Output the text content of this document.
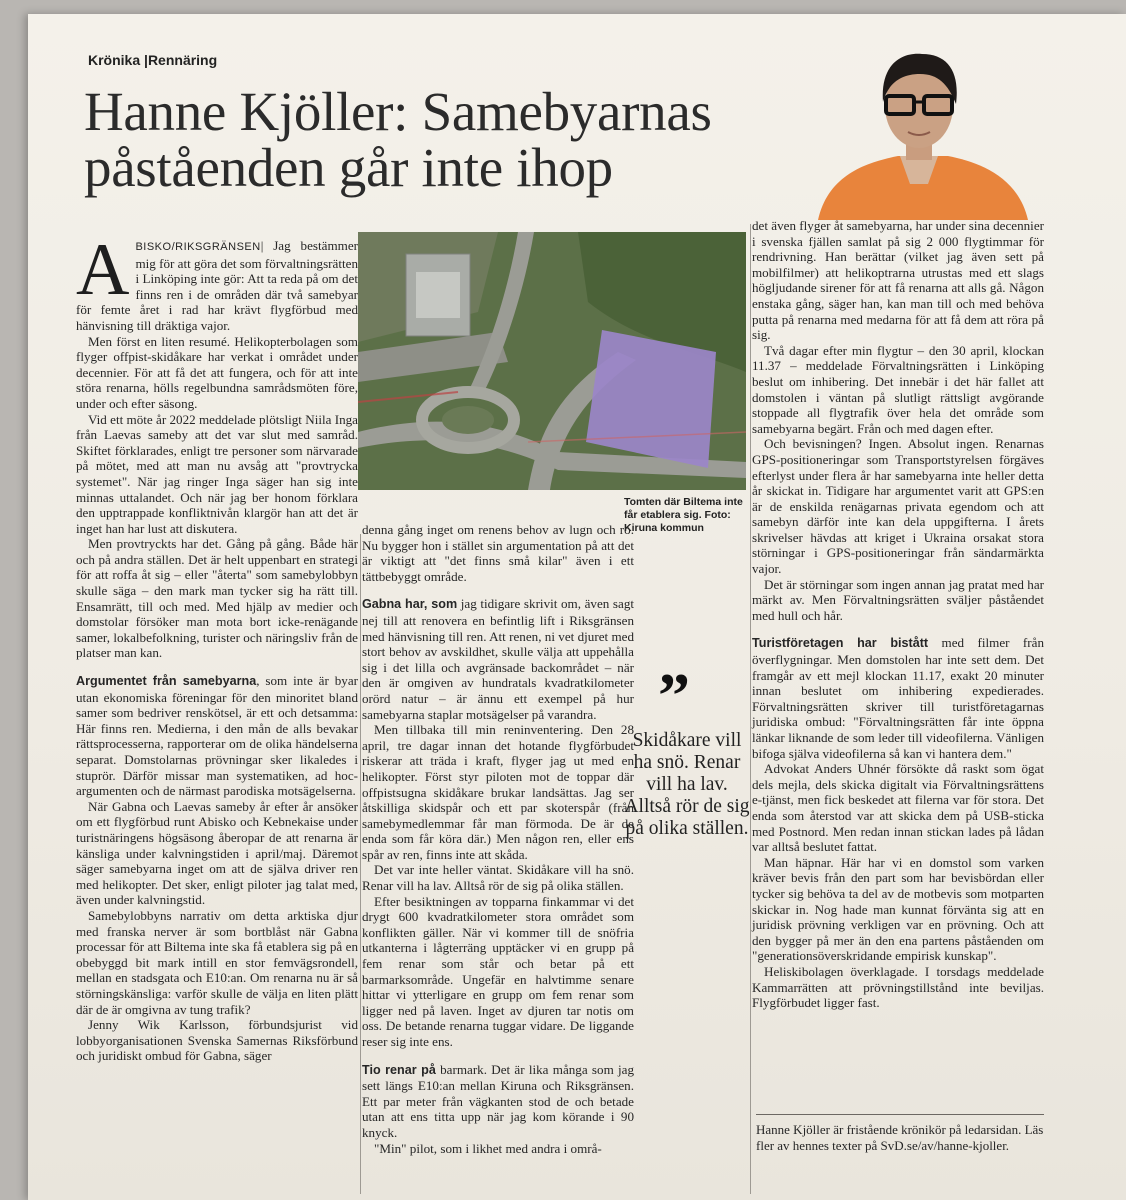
Krönika |Rennäring
Hanne Kjöller: Samebyarnas
påståenden går inte ihop

ABISKO/RIKSGRÄNSEN| Jag bestämmer mig för att göra det som förvaltningsrätten i Linköping inte gör: Att ta reda på om det finns ren i de områden där två samebyar för femte året i rad har krävt flygförbud med hänvisning till dräktiga vajor.

Men först en liten resumé. Helikopterbolagen som flyger offpist-skidåkare har verkat i området under decennier. För att få det att fungera, och för att inte störa renarna, hölls regelbundna samrådsmöten före, under och efter säsong.

Vid ett möte år 2022 meddelade plötsligt Niila Inga från Laevas sameby att det var slut med samråd. Skiftet förklarades, enligt tre personer som närvarade på mötet, med att man nu avsåg att "provtrycka systemet". När jag ringer Inga säger han sig inte minnas uttalandet. Och när jag ber honom förklara den upptrappade konfliktnivån klargör han att det är inget han har lust att diskutera.

Men provtryckts har det. Gång på gång. Både här och på andra ställen. Det är helt uppenbart en strategi för att roffa åt sig – eller "återta" som samebylobbyn skulle säga – den mark man tycker sig ha rätt till. Ensamrätt, till och med. Med hjälp av medier och domstolar försöker man mota bort icke-renägande samer, lokalbefolkning, turister och näringsliv från de platser man kan.

Argumentet från samebyarna, som inte är byar utan ekonomiska föreningar för den minoritet bland samer som bedriver renskötsel, är ett och detsamma: Här finns ren. Medierna, i den mån de alls bevakar rättsprocesserna, rapporterar om de olika händelserna separat. Domstolarnas prövningar sker likaledes i stuprör. Därför missar man systematiken, ad hoc-argumenten och de närmast parodiska motsägelserna.

När Gabna och Laevas sameby år efter år ansöker om ett flygförbud runt Abisko och Kebnekaise under turistnäringens högsäsong åberopar de att renarna är känsliga under kalvningstiden i april/maj. Däremot säger samebyarna inget om att de själva driver ren med helikopter. Det sker, enligt piloter jag talat med, även under kalvningstid.

Samebylobbyns narrativ om detta arktiska djur med franska nerver är som bortblåst när Gabna processar för att Biltema inte ska få etablera sig på en obebyggd bit mark intill en stor femvägsrondell, mellan en stadsgata och E10:an. Om renarna nu är så störningskänsliga: varför skulle de välja en liten plätt där de är omgivna av tung trafik?

Jenny Wik Karlsson, förbundsjurist vid lobbyorganisationen Svenska Samernas Riksförbund och juridiskt ombud för Gabna, säger

Tomten där Biltema inte får etablera sig. Foto: Kiruna kommun

denna gång inget om renens behov av lugn och ro. Nu bygger hon i stället sin argumentation på att det är viktigt att "det finns små kilar" även i ett tättbebyggt område.

Gabna har, som jag tidigare skrivit om, även sagt nej till att renovera en befintlig lift i Riksgränsen med hänvisning till ren. Att renen, ni vet djuret med stort behov av avskildhet, skulle välja att uppehålla sig i det lilla och avgränsade backområdet – när den är omgiven av hundratals kvadratkilometer orörd natur – är ännu ett exempel på hur samebyarna staplar motsägelser på varandra.

Men tillbaka till min reninventering. Den 28 april, tre dagar innan det hotande flygförbudet riskerar att träda i kraft, flyger jag ut med en helikopter. Först styr piloten mot de toppar där offpistsugna skidåkare brukar landsättas. Jag ser åtskilliga skidspår och ett par skoterspår (från samebymedlemmar får man förmoda. De är de enda som får köra där.) Men någon ren, eller ens spår av ren, finns inte att skåda.

Det var inte heller väntat. Skidåkare vill ha snö. Renar vill ha lav. Alltså rör de sig på olika ställen.

Efter besiktningen av topparna finkammar vi det drygt 600 kvadratkilometer stora området som konflikten gäller. När vi kommer till de snöfria utkanterna i lågterräng upptäcker vi en grupp på fem renar som står och betar på ett barmarksområde. Ungefär en halvtimme senare hittar vi ytterligare en grupp om fem renar som ligger ned på laven. Inget av djuren tar notis om oss. De betande renarna tuggar vidare. De liggande reser sig inte ens.

Tio renar på barmark. Det är lika många som jag sett längs E10:an mellan Kiruna och Riksgränsen. Ett par meter från vägkanten stod de och betade utan att ens titta upp när jag kom körande i 90 knyck.

"Min" pilot, som i likhet med andra i områ-

”
Skidåkare vill ha snö. Renar vill ha lav. Alltså rör de sig på olika ställen.

det även flyger åt samebyarna, har under sina decennier i svenska fjällen samlat på sig 2 000 flygtimmar för rendrivning. Han berättar (vilket jag även sett på mobilfilmer) att helikoptrarna utrustas med ett slags högljudande sirener för att få renarna att alls gå. Någon enstaka gång, säger han, kan man till och med behöva putta på renarna med medarna för att få dem att röra på sig.

Två dagar efter min flygtur – den 30 april, klockan 11.37 – meddelade Förvaltningsrätten i Linköping beslut om inhibering. Det innebär i det här fallet att domstolen i väntan på slutligt rättsligt avgörande stoppade all flygtrafik över hela det område som samebyarna begärt. Från och med dagen efter.

Och bevisningen? Ingen. Absolut ingen. Renarnas GPS-positioneringar som Transportstyrelsen förgäves efterlyst under flera år har samebyarna inte heller detta år skickat in. Tidigare har argumentet varit att GPS:en är de enskilda renägarnas privata egendom och att samebyn därför inte kan dela uppgifterna. I årets skrivelser hävdas att kriget i Ukraina orsakat stora störningar i GPS-positioneringar från sändarmärkta vajor.

Det är störningar som ingen annan jag pratat med har märkt av. Men Förvaltningsrätten sväljer påståendet med hull och hår.

Turistföretagen har bistått med filmer från överflygningar. Men domstolen har inte sett dem. Det framgår av ett mejl klockan 11.17, exakt 20 minuter innan beslutet om inhibering expedierades. Förvaltningsrätten skriver till turistföretagarnas juridiska ombud: "Förvaltningsrätten får inte öppna länkar liknande de som leder till videofilerna. Vänligen bifoga själva videofilerna så kan vi hantera dem."

Advokat Anders Uhnér försökte då raskt som ögat dels mejla, dels skicka digitalt via Förvaltningsrättens e-tjänst, men fick beskedet att filerna var för stora. Det enda som återstod var att skicka dem på USB-sticka med Postnord. Men redan innan stickan lades på lådan var alltså beslutet fattat.

Man häpnar. Här har vi en domstol som varken kräver bevis från den part som har bevisbördan eller tycker sig behöva ta del av de motbevis som motparten skickar in. Nog hade man kunnat förvänta sig att en juridisk prövning verkligen var en prövning. Och att den bygger på mer än den ena partens påståenden om "generationsöverskridande empirisk kunskap".

Heliskibolagen överklagade. I torsdags meddelade Kammarrätten att prövningstillstånd inte beviljas. Flygförbudet ligger fast.

Hanne Kjöller är fristående krönikör på ledarsidan. Läs fler av hennes texter på SvD.se/av/hanne-kjoller.
